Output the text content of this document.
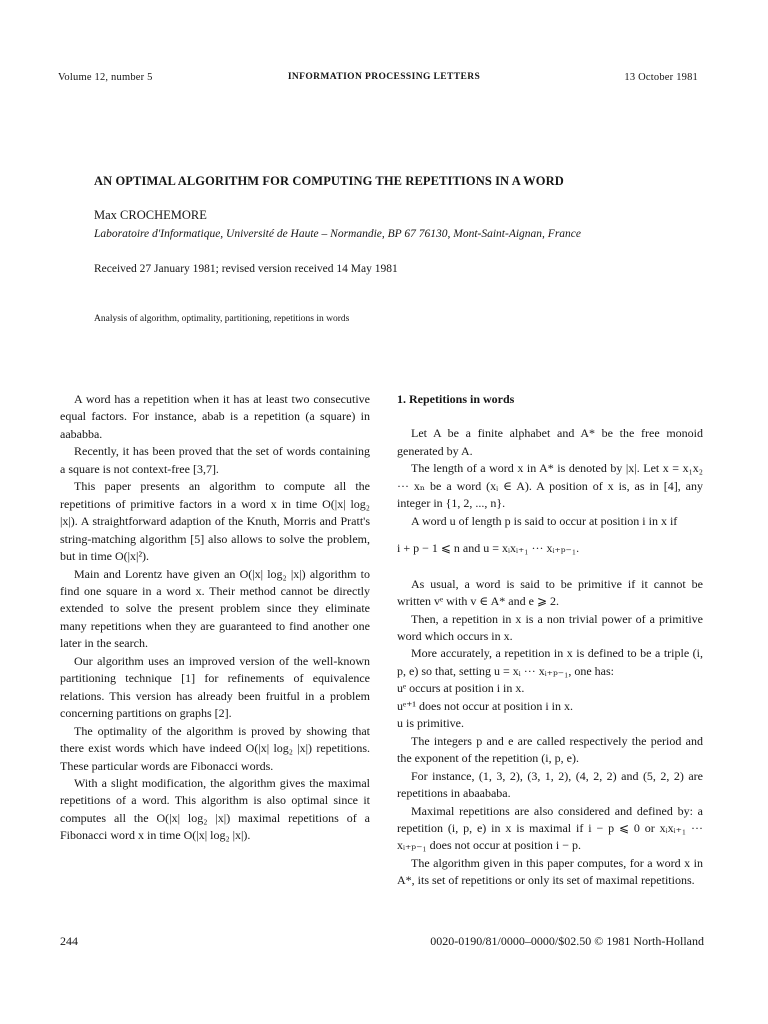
Volume 12, number 5	INFORMATION PROCESSING LETTERS	13 October 1981
AN OPTIMAL ALGORITHM FOR COMPUTING THE REPETITIONS IN A WORD
Max CROCHEMORE
Laboratoire d'Informatique, Université de Haute – Normandie, BP 67 76130, Mont-Saint-Aignan, France
Received 27 January 1981; revised version received 14 May 1981
Analysis of algorithm, optimality, partitioning, repetitions in words

A word has a repetition when it has at least two consecutive equal factors. For instance, abab is a repetition (a square) in aababba.

Recently, it has been proved that the set of words containing a square is not context-free [3,7].

This paper presents an algorithm to compute all the repetitions of primitive factors in a word x in time O(|x| log₂ |x|). A straightforward adaption of the Knuth, Morris and Pratt's string-matching algorithm [5] also allows to solve the problem, but in time O(|x|²).

Main and Lorentz have given an O(|x| log₂ |x|) algorithm to find one square in a word x. Their method cannot be directly extended to solve the present problem since they eliminate many repetitions when they are guaranteed to find another one later in the search.

Our algorithm uses an improved version of the well-known partitioning technique [1] for refinements of equivalence relations. This version has already been fruitful in a problem concerning partitions on graphs [2].

The optimality of the algorithm is proved by showing that there exist words which have indeed O(|x| log₂ |x|) repetitions. These particular words are Fibonacci words.

With a slight modification, the algorithm gives the maximal repetitions of a word. This algorithm is also optimal since it computes all the O(|x| log₂ |x|) maximal repetitions of a Fibonacci word x in time O(|x| log₂ |x|).

1. Repetitions in words

Let A be a finite alphabet and A* be the free monoid generated by A.

The length of a word x in A* is denoted by |x|. Let x = x₁x₂ ··· xₙ be a word (xᵢ ∈ A). A position of x is, as in [4], any integer in {1, 2, ..., n}.

A word u of length p is said to occur at position i in x if

i + p − 1 ⩽ n and u = xᵢxᵢ₊₁ ··· xᵢ₊ₚ₋₁.

As usual, a word is said to be primitive if it cannot be written vᵉ with v ∈ A* and e ⩾ 2.

Then, a repetition in x is a non trivial power of a primitive word which occurs in x.

More accurately, a repetition in x is defined to be a triple (i, p, e) so that, setting u = xᵢ ··· xᵢ₊ₚ₋₁, one has:

uᵉ occurs at position i in x.

uᵉ⁺¹ does not occur at position i in x.

u is primitive.

The integers p and e are called respectively the period and the exponent of the repetition (i, p, e).

For instance, (1, 3, 2), (3, 1, 2), (4, 2, 2) and (5, 2, 2) are repetitions in abaababa.

Maximal repetitions are also considered and defined by: a repetition (i, p, e) in x is maximal if i − p ⩽ 0 or xᵢxᵢ₊₁ ··· xᵢ₊ₚ₋₁ does not occur at position i − p.

The algorithm given in this paper computes, for a word x in A*, its set of repetitions or only its set of maximal repetitions.

244	0020-0190/81/0000–0000/$02.50 © 1981 North-Holland
